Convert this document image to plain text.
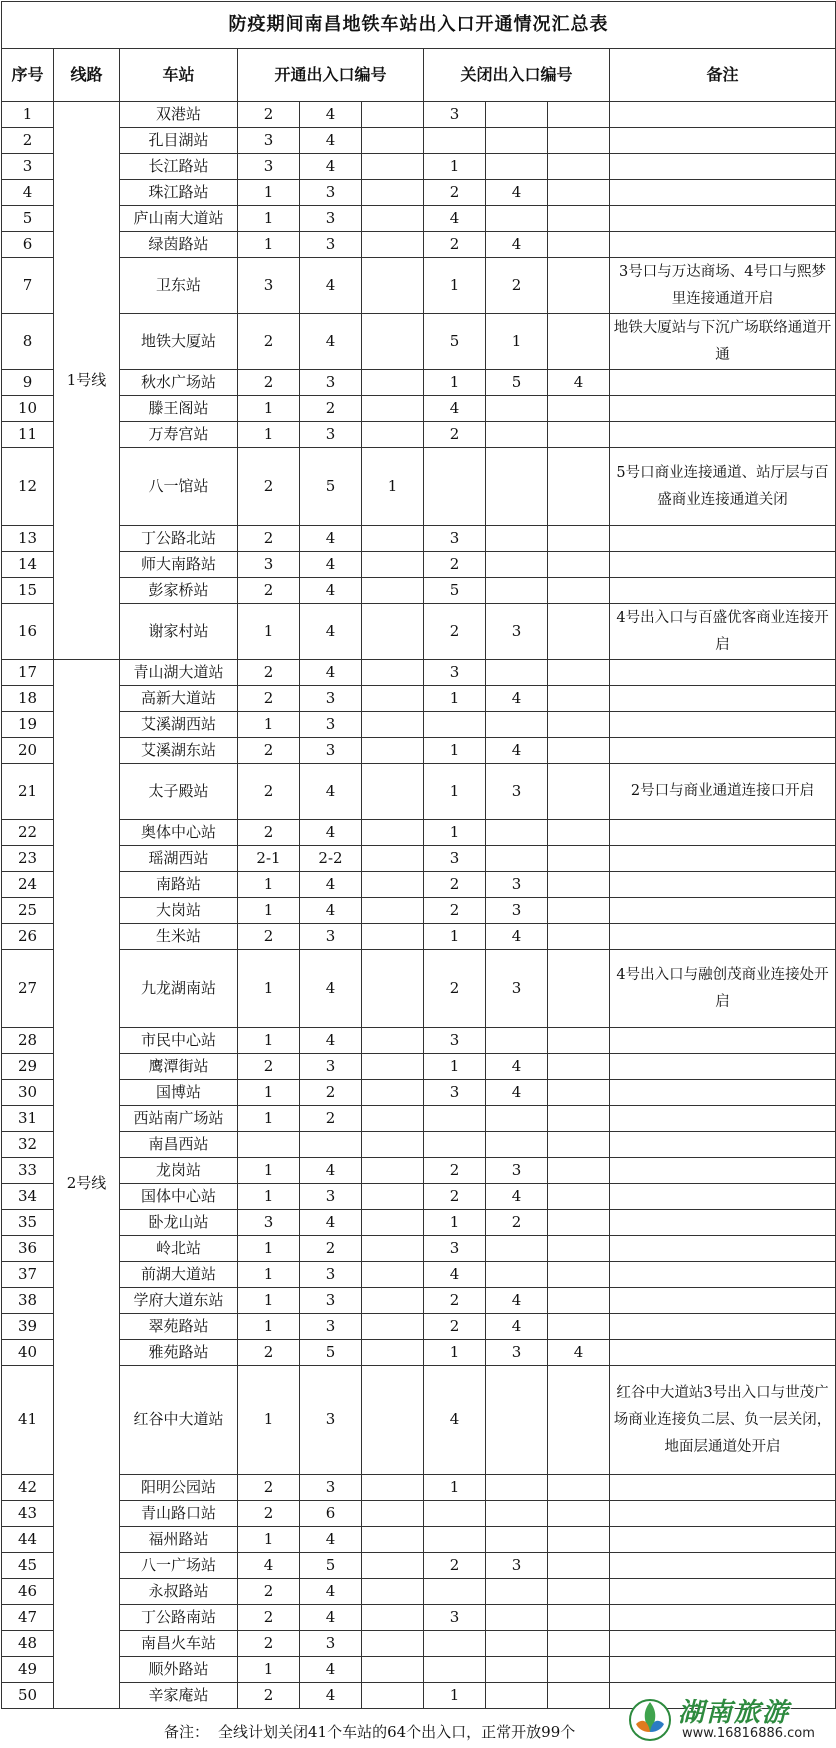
防疫期间南昌地铁车站出入口开通情况汇总表									
序号	线路	车站	开通出入口编号			关闭出入口编号			备注
1	1号线	双港站	2	4		3			
2		孔目湖站	3	4					
3		长江路站	3	4		1			
4		珠江路站	1	3		2	4		
5		庐山南大道站	1	3		4			
6		绿茵路站	1	3		2	4		
7		卫东站	3	4		1	2		3号口与万达商场、4号口与熙梦里连接通道开启
8		地铁大厦站	2	4		5	1		地铁大厦站与下沉广场联络通道开通
9		秋水广场站	2	3		1	5	4	
10		滕王阁站	1	2		4			
11		万寿宫站	1	3		2			
12		八一馆站	2	5	1				5号口商业连接通道、站厅层与百盛商业连接通道关闭
13		丁公路北站	2	4		3			
14		师大南路站	3	4		2			
15		彭家桥站	2	4		5			
16		谢家村站	1	4		2	3		4号出入口与百盛优客商业连接开启
17	2号线	青山湖大道站	2	4		3			
18		高新大道站	2	3		1	4		
19		艾溪湖西站	1	3					
20		艾溪湖东站	2	3		1	4		
21		太子殿站	2	4		1	3		2号口与商业通道连接口开启
22		奥体中心站	2	4		1			
23		瑶湖西站	2-1	2-2		3			
24		南路站	1	4		2	3		
25		大岗站	1	4		2	3		
26		生米站	2	3		1	4		
27		九龙湖南站	1	4		2	3		4号出入口与融创茂商业连接处开启
28		市民中心站	1	4		3			
29		鹰潭街站	2	3		1	4		
30		国博站	1	2		3	4		
31		西站南广场站	1	2					
32		南昌西站							
33		龙岗站	1	4		2	3		
34		国体中心站	1	3		2	4		
35		卧龙山站	3	4		1	2		
36		岭北站	1	2		3			
37		前湖大道站	1	3		4			
38		学府大道东站	1	3		2	4		
39		翠苑路站	1	3		2	4		
40		雅苑路站	2	5		1	3	4	
41		红谷中大道站	1	3		4			红谷中大道站3号出入口与世茂广场商业连接负二层、负一层关闭，地面层通道处开启
42		阳明公园站	2	3		1			
43		青山路口站	2	6					
44		福州路站	1	4					
45		八一广场站	4	5		2	3		
46		永叔路站	2	4					
47		丁公路南站	2	4		3			
48		南昌火车站	2	3					
49		顺外路站	1	4					
50		辛家庵站	2	4		1			
备注： 全线计划关闭41个车站的64个出入口，正常开放99个
湖南旅游
www.16816886.com
